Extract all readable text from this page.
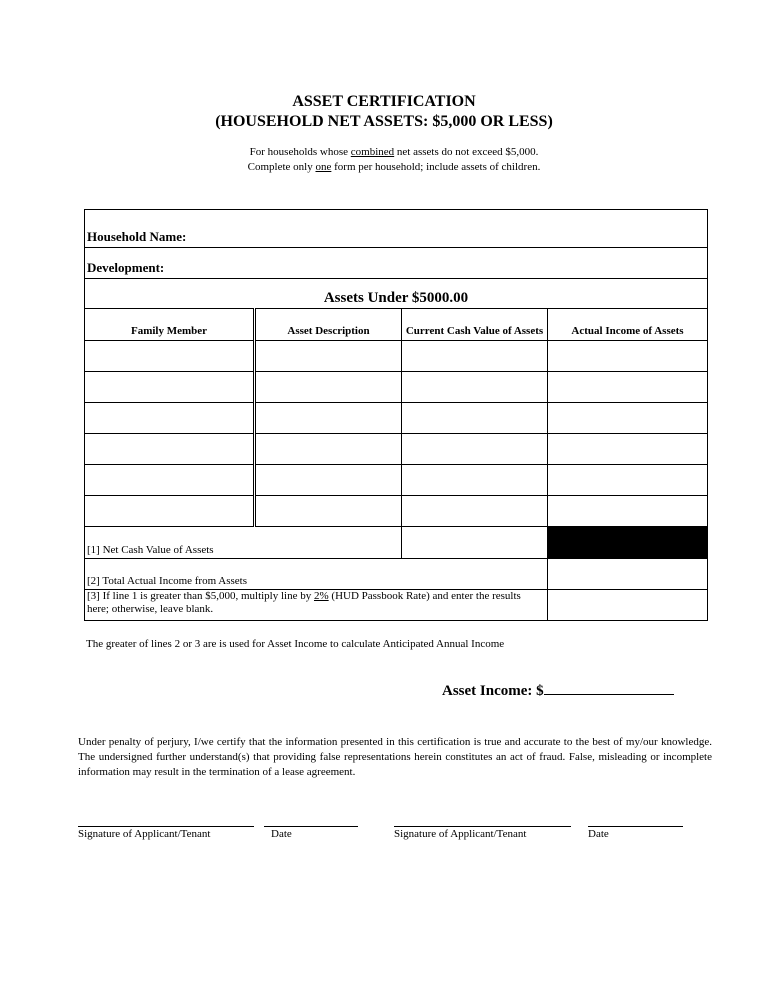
ASSET CERTIFICATION
(HOUSEHOLD NET ASSETS: $5,000 OR LESS)
For households whose combined net assets do not exceed $5,000.
Complete only one form per household; include assets of children.
Household Name:			
Development:			
Assets Under $5000.00			
Family Member	Asset Description	Current Cash Value of Assets	Actual Income of Assets

[1] Net Cash Value of Assets			
[2] Total Actual Income from Assets			
[3] If line 1 is greater than $5,000, multiply line by 2% (HUD Passbook Rate) and enter the results here; otherwise, leave blank.			
The greater of lines 2 or 3 are is used for Asset Income to calculate Anticipated Annual Income
Asset Income: $
Under penalty of perjury, I/we certify that the information presented in this certification is true and accurate to the best of my/our knowledge. The undersigned further understand(s) that providing false representations herein constitutes an act of fraud. False, misleading or incomplete information may result in the termination of a lease agreement.
Signature of Applicant/Tenant	Date	Signature of Applicant/Tenant	Date
